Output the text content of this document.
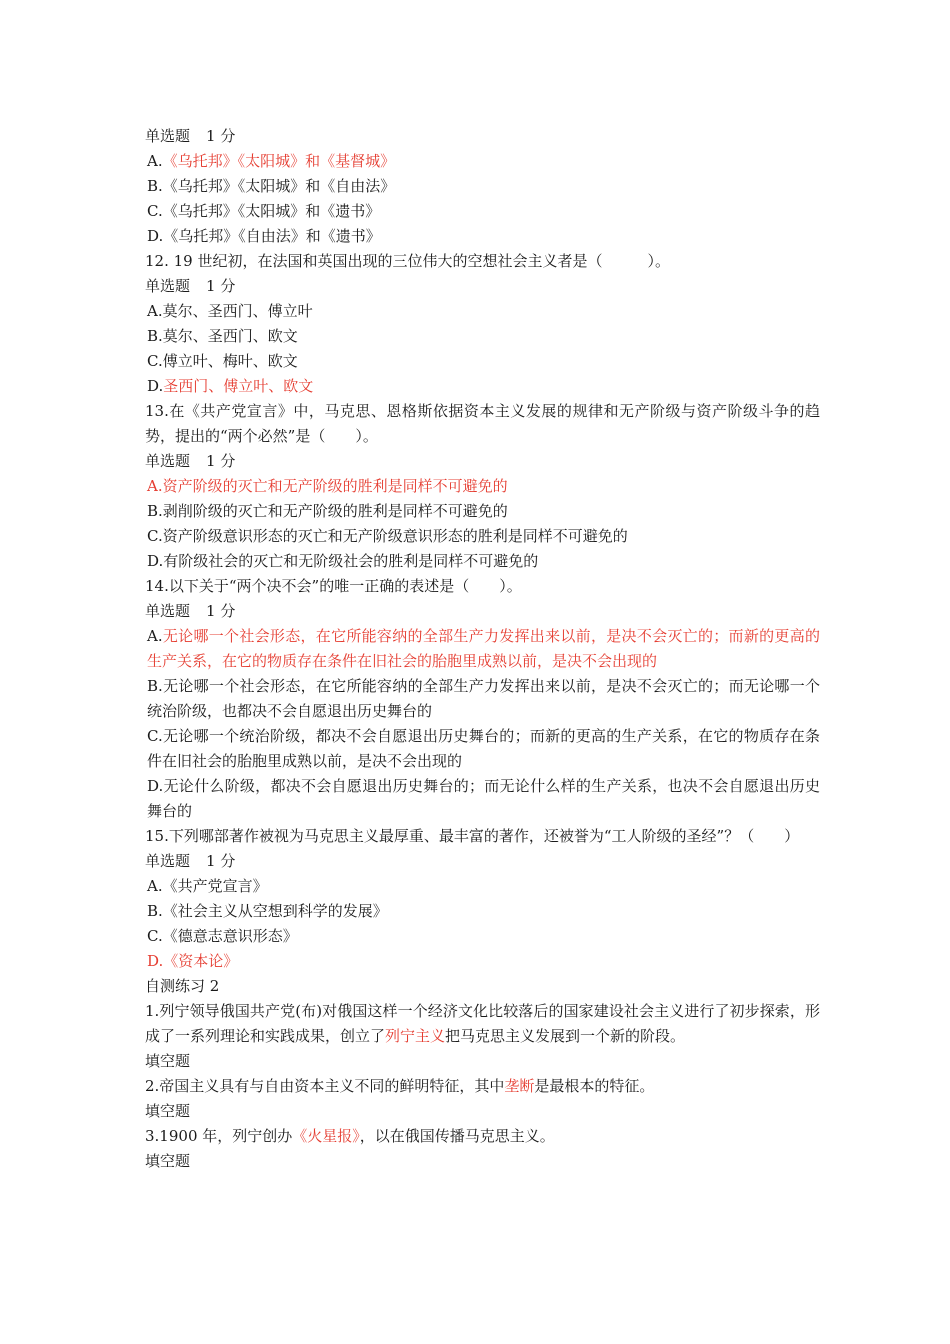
单选题 1 分
A.《乌托邦》《太阳城》和《基督城》
B.《乌托邦》《太阳城》和《自由法》
C.《乌托邦》《太阳城》和《遗书》
D.《乌托邦》《自由法》和《遗书》
12. 19 世纪初，在法国和英国出现的三位伟大的空想社会主义者是（　　　）。
单选题 1 分
A.莫尔、圣西门、傅立叶
B.莫尔、圣西门、欧文
C.傅立叶、梅叶、欧文
D.圣西门、傅立叶、欧文
13.在《共产党宣言》中，马克思、恩格斯依据资本主义发展的规律和无产阶级与资产阶级斗争的趋势，提出的“两个必然”是（　　）。
单选题 1 分
A.资产阶级的灭亡和无产阶级的胜利是同样不可避免的
B.剥削阶级的灭亡和无产阶级的胜利是同样不可避免的
C.资产阶级意识形态的灭亡和无产阶级意识形态的胜利是同样不可避免的
D.有阶级社会的灭亡和无阶级社会的胜利是同样不可避免的
14.以下关于“两个决不会”的唯一正确的表述是（　　）。
单选题 1 分
A.无论哪一个社会形态，在它所能容纳的全部生产力发挥出来以前，是决不会灭亡的；而新的更高的生产关系，在它的物质存在条件在旧社会的胎胞里成熟以前，是决不会出现的
B.无论哪一个社会形态，在它所能容纳的全部生产力发挥出来以前，是决不会灭亡的；而无论哪一个统治阶级，也都决不会自愿退出历史舞台的
C.无论哪一个统治阶级，都决不会自愿退出历史舞台的；而新的更高的生产关系，在它的物质存在条件在旧社会的胎胞里成熟以前，是决不会出现的
D.无论什么阶级，都决不会自愿退出历史舞台的；而无论什么样的生产关系，也决不会自愿退出历史舞台的
15.下列哪部著作被视为马克思主义最厚重、最丰富的著作，还被誉为“工人阶级的圣经”？（　　）
单选题 1 分
A.《共产党宣言》
B.《社会主义从空想到科学的发展》
C.《德意志意识形态》
D.《资本论》
自测练习 2
1.列宁领导俄国共产党(布)对俄国这样一个经济文化比较落后的国家建设社会主义进行了初步探索，形成了一系列理论和实践成果，创立了列宁主义把马克思主义发展到一个新的阶段。
填空题
2.帝国主义具有与自由资本主义不同的鲜明特征，其中垄断是最根本的特征。
填空题
3.1900 年，列宁创办《火星报》，以在俄国传播马克思主义。
填空题
